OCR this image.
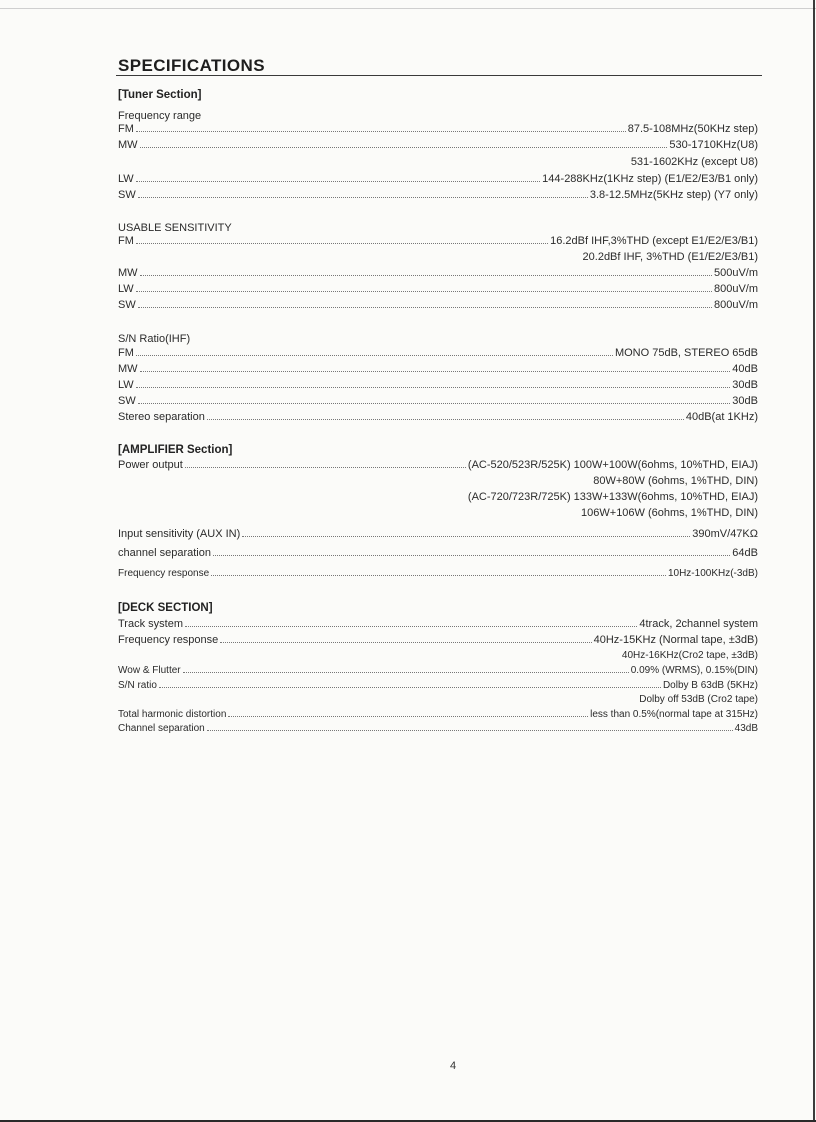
SPECIFICATIONS
[Tuner Section]
Frequency range
FM	87.5-108MHz(50KHz step)
MW	530-1710KHz(U8)
531-1602KHz (except U8)
LW	144-288KHz(1KHz step) (E1/E2/E3/B1 only)
SW	3.8-12.5MHz(5KHz step) (Y7 only)
USABLE SENSITIVITY
FM	16.2dBf IHF,3%THD (except E1/E2/E3/B1)
20.2dBf IHF, 3%THD (E1/E2/E3/B1)
MW	500uV/m
LW	800uV/m
SW	800uV/m
S/N Ratio(IHF)
FM	MONO 75dB, STEREO 65dB
MW	40dB
LW	30dB
SW	30dB
Stereo separation	40dB(at 1KHz)
[AMPLIFIER Section]
Power output	(AC-520/523R/525K) 100W+100W(6ohms, 10%THD, EIAJ)
80W+80W (6ohms, 1%THD, DIN)
(AC-720/723R/725K) 133W+133W(6ohms, 10%THD, EIAJ)
106W+106W (6ohms, 1%THD, DIN)
Input sensitivity (AUX IN)	390mV/47KΩ
channel separation	64dB
Frequency response	10Hz-100KHz(-3dB)
[DECK SECTION]
Track system	4track, 2channel system
Frequency response	40Hz-15KHz (Normal tape, ±3dB)
40Hz-16KHz(Cro2 tape, ±3dB)
Wow & Flutter	0.09% (WRMS), 0.15%(DIN)
S/N ratio	Dolby B 63dB (5KHz)
Dolby off 53dB (Cro2 tape)
Total harmonic distortion	less than 0.5%(normal tape at 315Hz)
Channel separation	43dB
4
